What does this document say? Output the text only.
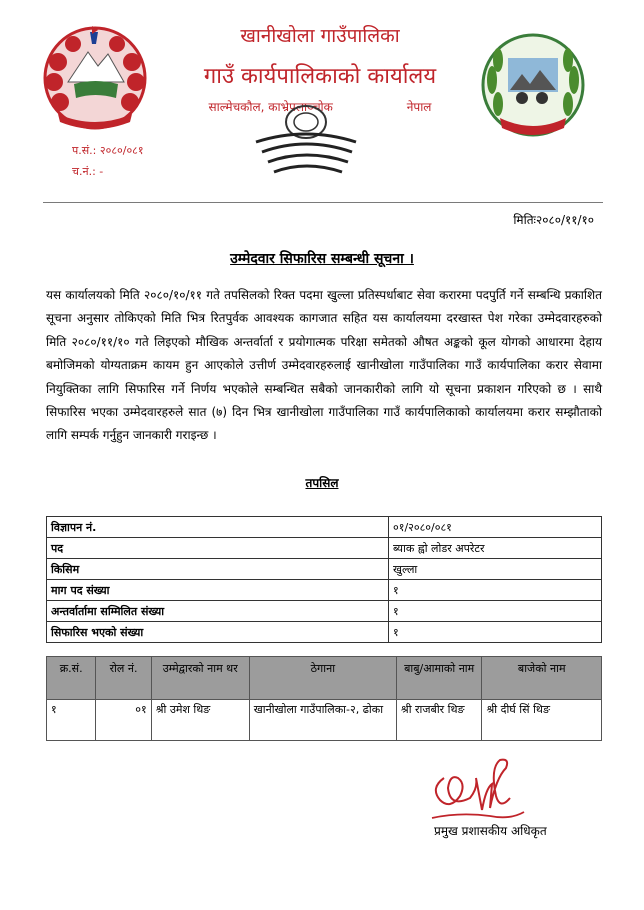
खानीखोला गाउँपालिका
गाउँ कार्यपालिकाको कार्यालय
साल्मेचकौल, काभ्रेपलाञ्चोक	नेपाल
प.सं.: २०८०/०८१
च.नं.: -
मितिः२०८०/११/१०
उम्मेदवार सिफारिस सम्बन्धी सूचना ।
यस कार्यालयको मिति २०८०/१०/११ गते तपसिलको रिक्त पदमा खुल्ला प्रतिस्पर्धाबाट सेवा करारमा पदपुर्ति गर्ने सम्बन्धि प्रकाशित सूचना अनुसार तोकिएको मिति भित्र रितपुर्वक आवश्यक कागजात सहित यस कार्यालयमा दरखास्त पेश गरेका उम्मेदवारहरुको मिति २०८०/११/१० गते लिइएको मौखिक अन्तर्वार्ता र प्रयोगात्मक परिक्षा समेतको औषत अङ्कको कूल योगको आधारमा देहाय बमोजिमको योग्यताक्रम कायम हुन आएकोले उत्तीर्ण उम्मेदवारहरुलाई खानीखोला गाउँपालिका गाउँ कार्यपालिका करार सेवामा नियुक्तिका लागि सिफारिस गर्ने निर्णय भएकोले सम्बन्धित सबैको जानकारीको लागि यो सूचना प्रकाशन गरिएको छ । साथै सिफारिस भएका उम्मेदवारहरुले सात (७) दिन भित्र खानीखोला गाउँपालिका गाउँ कार्यपालिकाको कार्यालयमा करार सम्झौताको लागि सम्पर्क गर्नुहुन जानकारी गराइन्छ ।
तपसिल
विज्ञापन नं.	०१/२०८०/०८१
पद	ब्याक ह्वो लोडर अपरेटर
किसिम	खुल्ला
माग पद संख्या	१
अन्तर्वार्तामा सम्मिलित संख्या	१
सिफारिस भएको संख्या	१
क्र.सं.	रोल नं.	उम्मेद्वारको नाम थर	ठेगाना	बाबु/आमाको नाम	बाजेको नाम
१	०१	श्री उमेश थिङ	खानीखोला गाउँपालिका-२, ढोका	श्री राजबीर थिङ	श्री दीर्घ सिं थिङ
प्रमुख प्रशासकीय अधिकृत
